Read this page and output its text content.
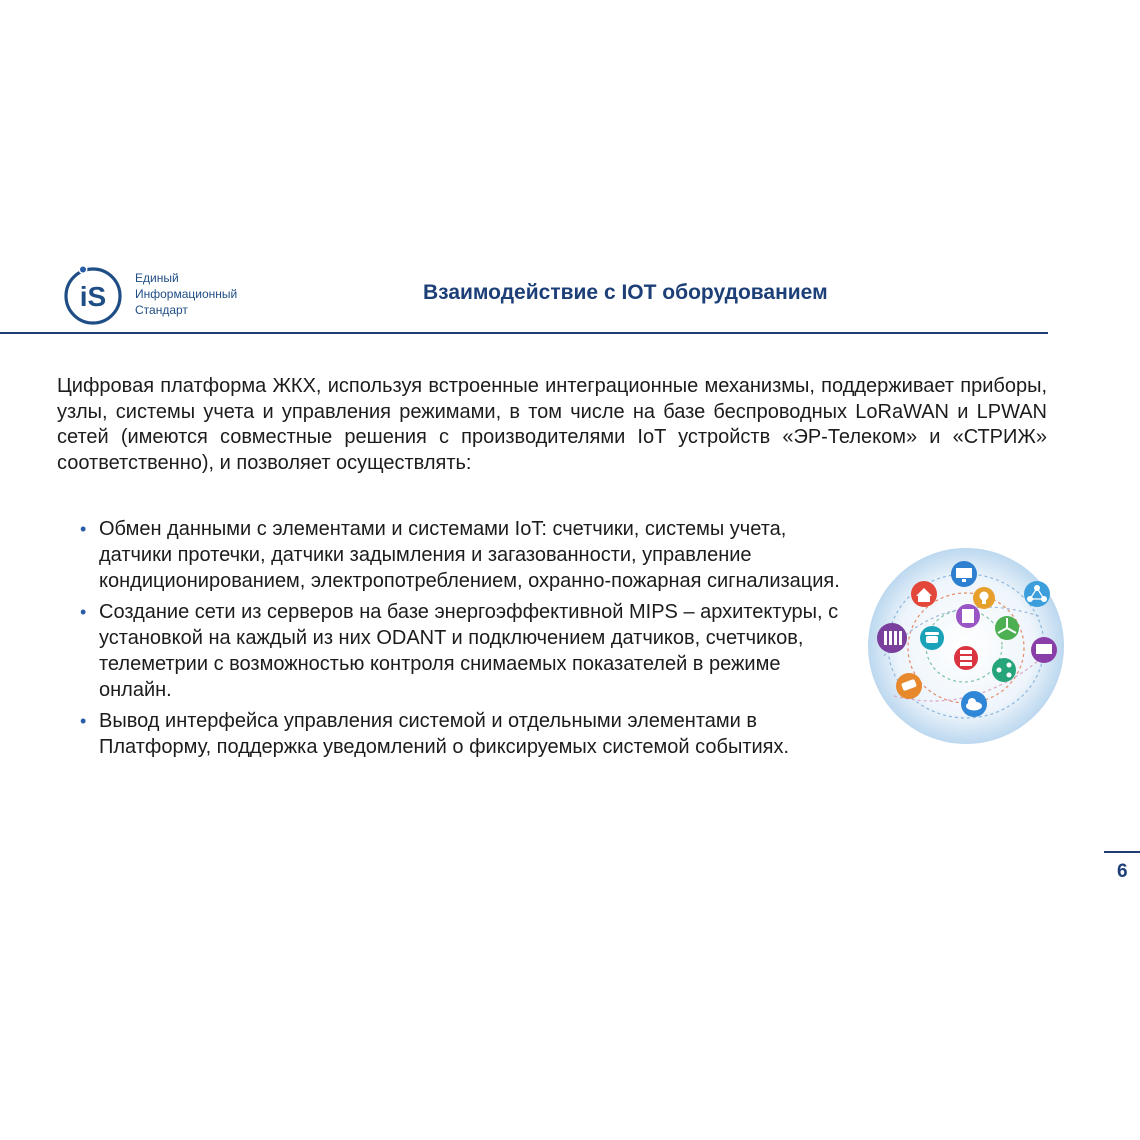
iS
Единый
Информационный
Стандарт
Взаимодействие с IOT оборудованием
Цифровая платформа ЖКХ, используя встроенные интеграционные механизмы, поддерживает приборы, узлы, системы учета и управления режимами, в том числе на базе беспроводных LoRaWAN и LPWAN сетей (имеются совместные решения с производителями IoT устройств «ЭР-Телеком» и «СТРИЖ» соответственно), и позволяет осуществлять:
• Обмен данными с элементами и системами IoT: счетчики, системы учета, датчики протечки, датчики задымления и загазованности, управление кондиционированием, электропотреблением, охранно-пожарная сигнализация.
• Создание сети из серверов на базе энергоэффективной MIPS – архитектуры, с установкой на каждый из них ODANT и подключением датчиков, счетчиков, телеметрии с возможностью контроля снимаемых показателей в режиме онлайн.
• Вывод интерфейса управления системой и отдельными элементами в Платформу, поддержка уведомлений о фиксируемых системой событиях.
6
